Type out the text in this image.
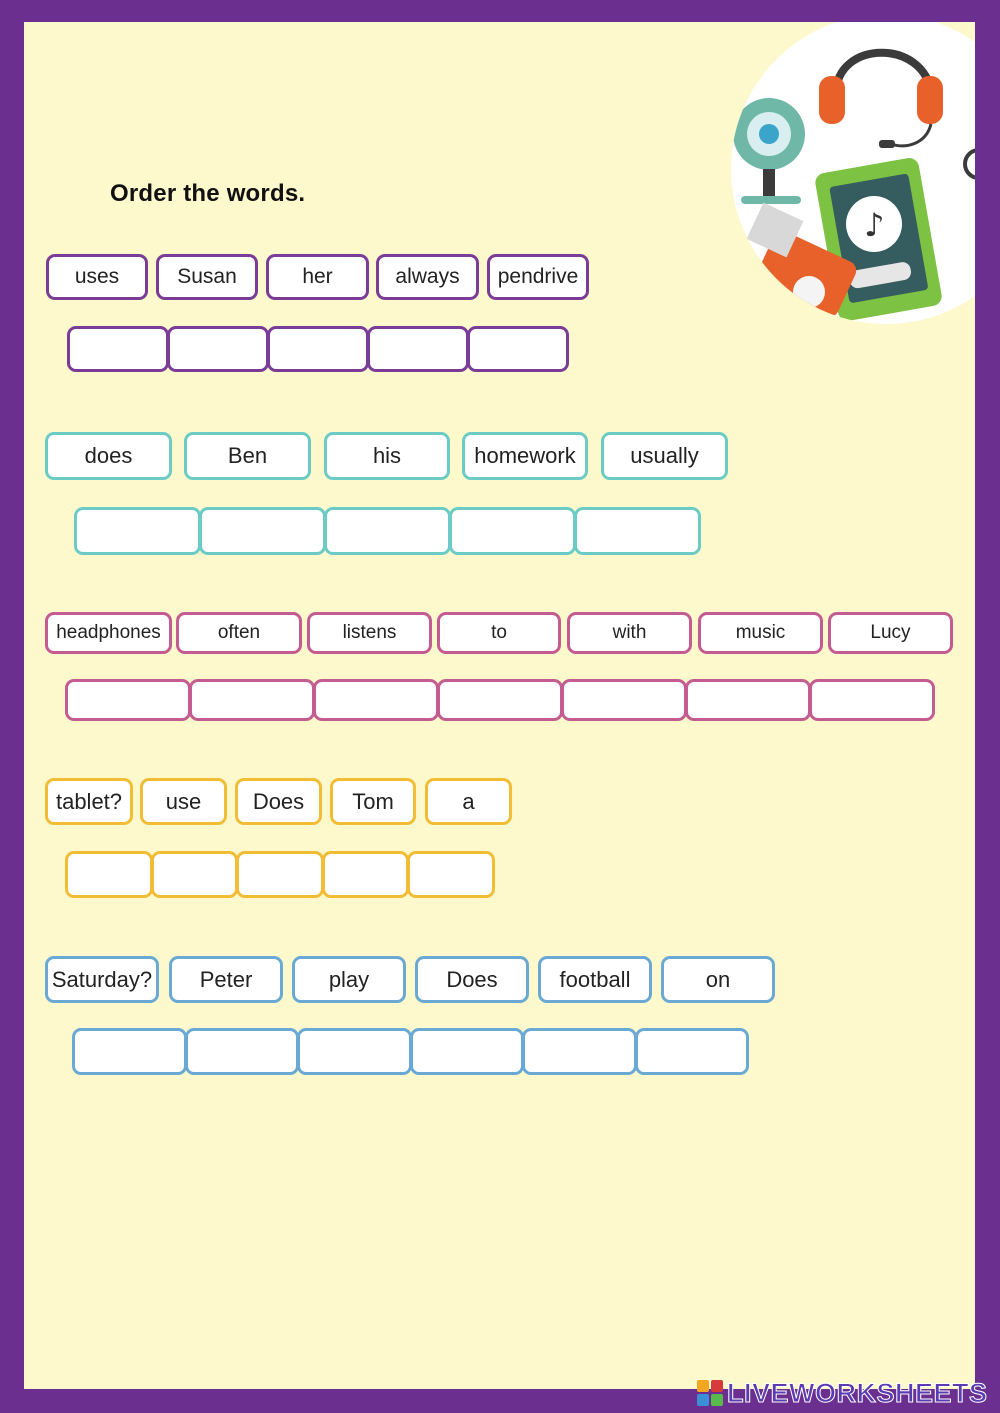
Order the words.
♪
uses	Susan	her	always	pendrive
does	Ben	his	homework	usually
headphones	often	listens	to	with	music	Lucy
tablet?	use	Does	Tom	a
Saturday?	Peter	play	Does	football	on
LIVEWORKSHEETS
